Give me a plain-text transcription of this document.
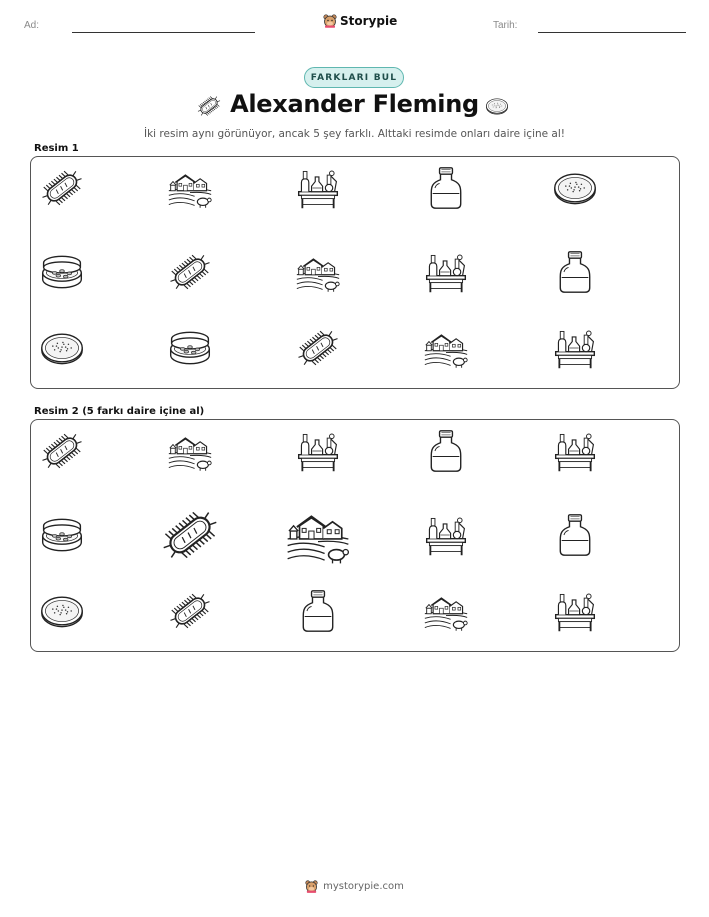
Ad:	Storypie	Tarih:
FARKLARI BUL
Alexander Fleming
İki resim aynı görünüyor, ancak 5 şey farklı. Alttaki resimde onları daire içine al!
Resim 1
Resim 2 (5 farkı daire içine al)
mystorypie.com
